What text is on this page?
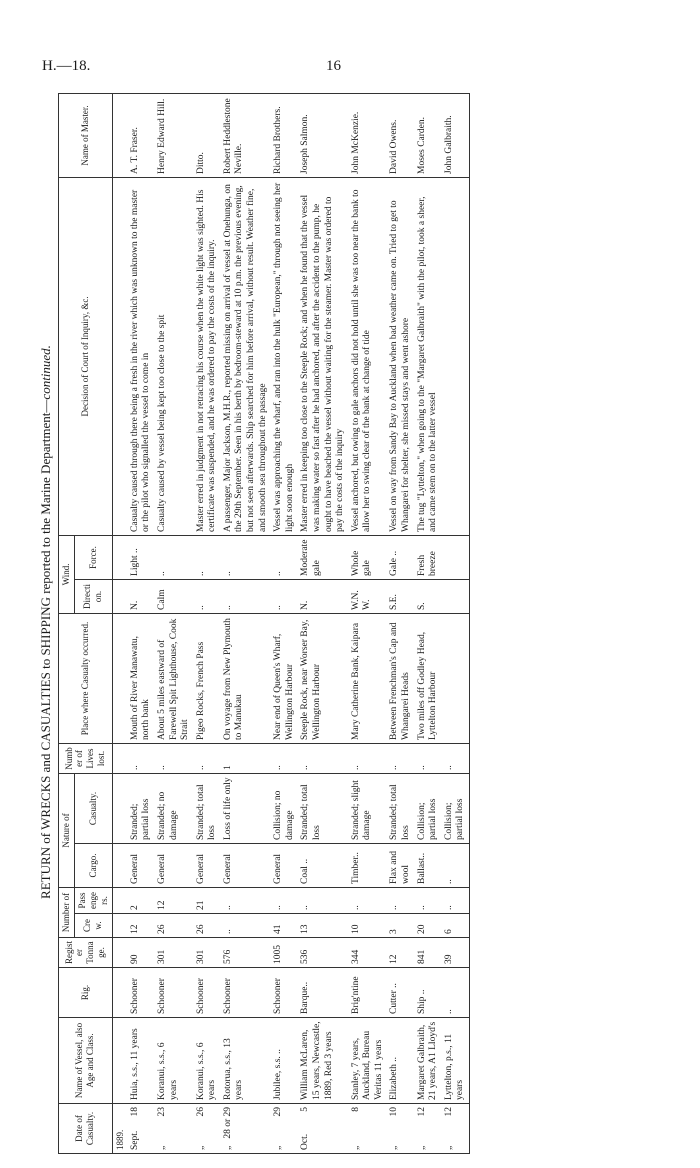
H.—18.	16
RETURN of WRECKS and CASUALTIES to SHIPPING reported to the Marine Department—continued.
Date of Casualty.	Name of Vessel, also Age and Class.	Rig.	Register Tonnage.	Number of		Nature of		Number of Lives lost.	Place where Casualty occurred.	Wind.		Decision of Court of Inquiry, &c.	Name of Master.
				Crew.	Passengers.	Cargo.	Casualty.			Direction.	Force.		
1889.													
Sept.
18	Huia, s.s., 11 years	Schooner	90	12	2	General	Stranded; partial loss	..	Mouth of River Manawatu, north bank	N.	Light ..	Casualty caused through there being a fresh in the river which was unknown to the master or the pilot who signalled the vessel to come in	A. T. Fraser.
„
23	Koranui, s.s., 6 years	Schooner	301	26	12	General	Stranded; no damage	..	About 5 miles eastward of Farewell Spit Lighthouse, Cook Strait	Calm	..	Casualty caused by vessel being kept too close to the spit	Henry Edward Hill.
„
26	Koranui, s.s., 6 years	Schooner	301	26	21	General	Stranded; total loss	..	Pigeo Rocks, French Pass	..	..	Master erred in judgment in not retracing his course when the white light was sighted. His certificate was suspended, and he was ordered to pay the costs of the inquiry.	Ditto.
„
28 or 29	Rotorua, s.s., 13 years	Schooner	576	..	..	General	Loss of life only	1	On voyage from New Plymouth to Manukau	..	..	A passenger, Major Jackson, M.H.R., reported missing on arrival of vessel at Onehunga, on the 29th September. Seen in his berth by bedroom-steward at 10 p.m. the previous evening, but not seen afterwards. Ship searched for him before arrival, without result. Weather fine, and smooth sea throughout the passage	Robert Heddlestone Neville.
„
29	Jubilee, s.s. ..	Schooner	1005	41	..	General	Collision; no damage	..	Near end of Queen's Wharf, Wellington Harbour	..	..	Vessel was approaching the wharf, and ran into the hulk "European," through not seeing her light soon enough	Richard Brothers.
Oct.
5	William McLaren, 15 years, Newcastle, 1889, Red 3 years	Barque..	536	13	..	Coal ..	Stranded; total loss	..	Steeple Rock, near Worser Bay, Wellington Harbour	N.	Moderate gale	Master erred in keeping too close to the Steeple Rock; and when he found that the vessel was making water so fast after he had anchored, and after the accident to the pump, he ought to have beached the vessel without waiting for the steamer. Master was ordered to pay the costs of the inquiry	Joseph Salmon.
„
8	Stanley, 7 years, Auckland, Bureau Veritas 11 years	Brig'ntine	344	10	..	Timber..	Stranded; slight damage	..	Mary Catherine Bank, Kaipara	W.N.W.	Whole gale	Vessel anchored, but owing to gale anchors did not hold until she was too near the bank to allow her to swing clear of the bank at change of tide	John McKenzie.
„
10	Elizabeth ..	Cutter ..	12	3	..	Flax and wool	Stranded; total loss	..	Between Frenchman's Cap and Whangarei Heads	S.E.	Gale ..	Vessel on way from Sandy Bay to Auckland when bad weather came on. Tried to get to Whangarei for shelter, she missed stays and went ashore	David Owens.
„
12	Margaret Galbraith, 21 years, A1 Lloyd's	Ship ..	841	20	..	Ballast..	Collision; partial loss	..	Two miles off Godley Head, Lyttelton Harbour	S.	Fresh breeze	The tug "Lyttelton," when going to the "Margaret Galbraith" with the pilot, took a sheer, and came stem on to the latter vessel	Moses Carden.
„
12	Lyttelton, p.s., 11 years	..	39	6	..	..	Collision; partial loss	..					John Galbraith.
